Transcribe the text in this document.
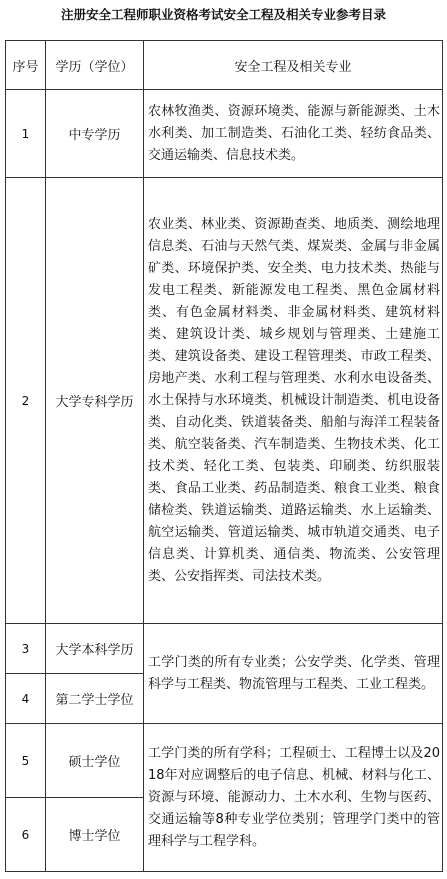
注册安全工程师职业资格考试安全工程及相关专业参考目录
序号	学历（学位）	安全工程及相关专业
1	中专学历	农林牧渔类、资源环境类、能源与新能源类、土木水利类、加工制造类、石油化工类、轻纺食品类、交通运输类、信息技术类。

2	大学专科学历	农业类、林业类、资源勘查类、地质类、测绘地理信息类、石油与天然气类、煤炭类、金属与非金属矿类、环境保护类、安全类、电力技术类、热能与发电工程类、新能源发电工程类、黑色金属材料类、有色金属材料类、非金属材料类、建筑材料类、建筑设计类、城乡规划与管理类、土建施工类、建筑设备类、建设工程管理类、市政工程类、房地产类、水利工程与管理类、水利水电设备类、水土保持与水环境类、机械设计制造类、机电设备类、自动化类、铁道装备类、船舶与海洋工程装备类、航空装备类、汽车制造类、生物技术类、化工技术类、轻化工类、包装类、印刷类、纺织服装类、食品工业类、药品制造类、粮食工业类、粮食储检类、铁道运输类、道路运输类、水上运输类、航空运输类、管道运输类、城市轨道交通类、电子信息类、计算机类、通信类、物流类、公安管理类、公安指挥类、司法技术类。

3	大学本科学历	工学门类的所有专业类；公安学类、化学类、管理科学与工程类、物流管理与工程类、工业工程类。

4	第二学士学位	
5	硕士学位	工学门类的所有学科；工程硕士、工程博士以及2018年对应调整后的电子信息、机械、材料与化工、资源与环境、能源动力、土木水利、生物与医药、交通运输等8种专业学位类别；管理学门类中的管理科学与工程学科。

6	博士学位	
